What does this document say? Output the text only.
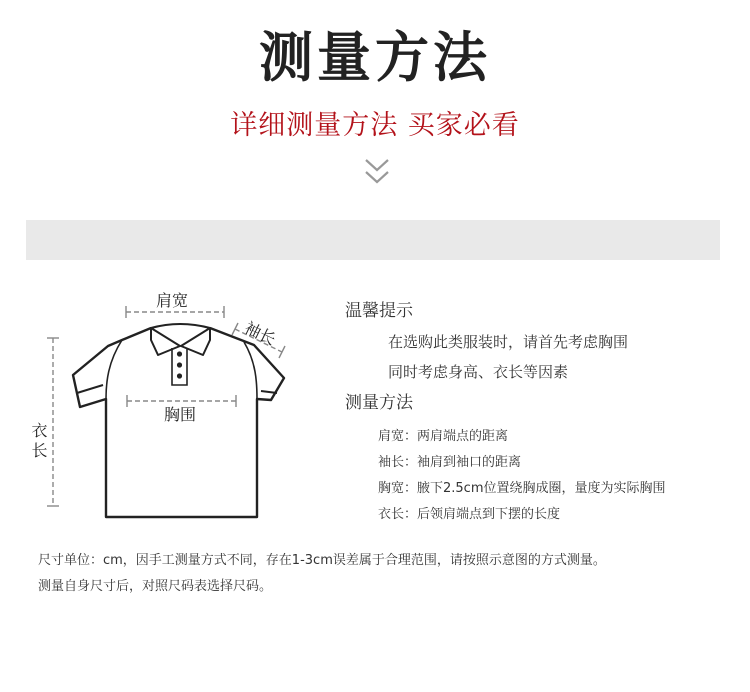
测量方法
详细测量方法 买家必看
肩宽
袖长
衣长
胸围
温馨提示
在选购此类服装时，请首先考虑胸围
同时考虑身高、衣长等因素
测量方法
肩宽：两肩端点的距离
袖长：袖肩到袖口的距离
胸宽：腋下2.5cm位置绕胸成圈，量度为实际胸围
衣长：后领肩端点到下摆的长度
尺寸单位：cm，因手工测量方式不同，存在1-3cm误差属于合理范围，请按照示意图的方式测量。
测量自身尺寸后，对照尺码表选择尺码。
